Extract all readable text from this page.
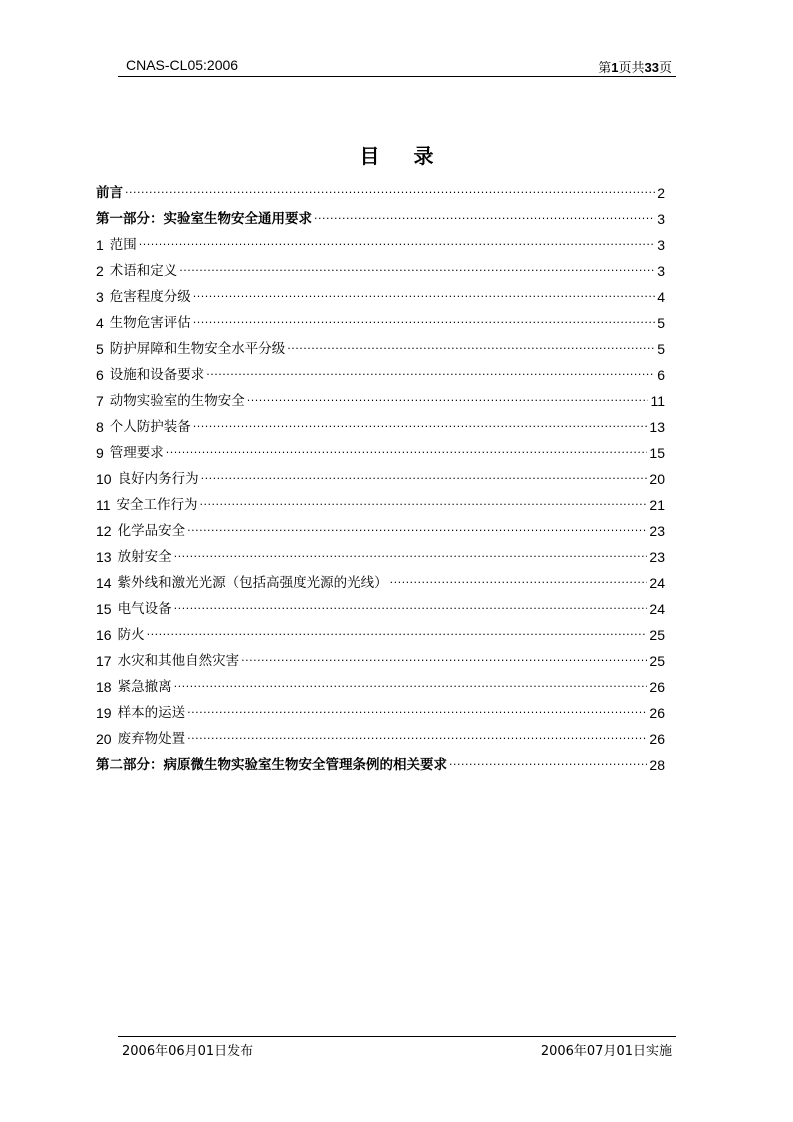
CNAS-CL05:2006	第1页共33页
目录
前言 ·····	2
第一部分：实验室生物安全通用要求 ·····	3
1 范围 ·····	3
2 术语和定义 ·····	3
3 危害程度分级 ·····	4
4 生物危害评估 ·····	5
5 防护屏障和生物安全水平分级 ·····	5
6 设施和设备要求 ·····	6
7 动物实验室的生物安全 ·····	11
8 个人防护装备 ·····	13
9 管理要求 ·····	15
10 良好内务行为 ·····	20
11 安全工作行为 ·····	21
12 化学品安全 ·····	23
13 放射安全 ·····	23
14 紫外线和激光光源（包括高强度光源的光线） ·····	24
15 电气设备 ·····	24
16 防火 ·····	25
17 水灾和其他自然灾害 ·····	25
18 紧急撤离 ·····	26
19 样本的运送 ·····	26
20 废弃物处置 ·····	26
第二部分：病原微生物实验室生物安全管理条例的相关要求 ·····	28
2006年06月01日发布	2006年07月01日实施
